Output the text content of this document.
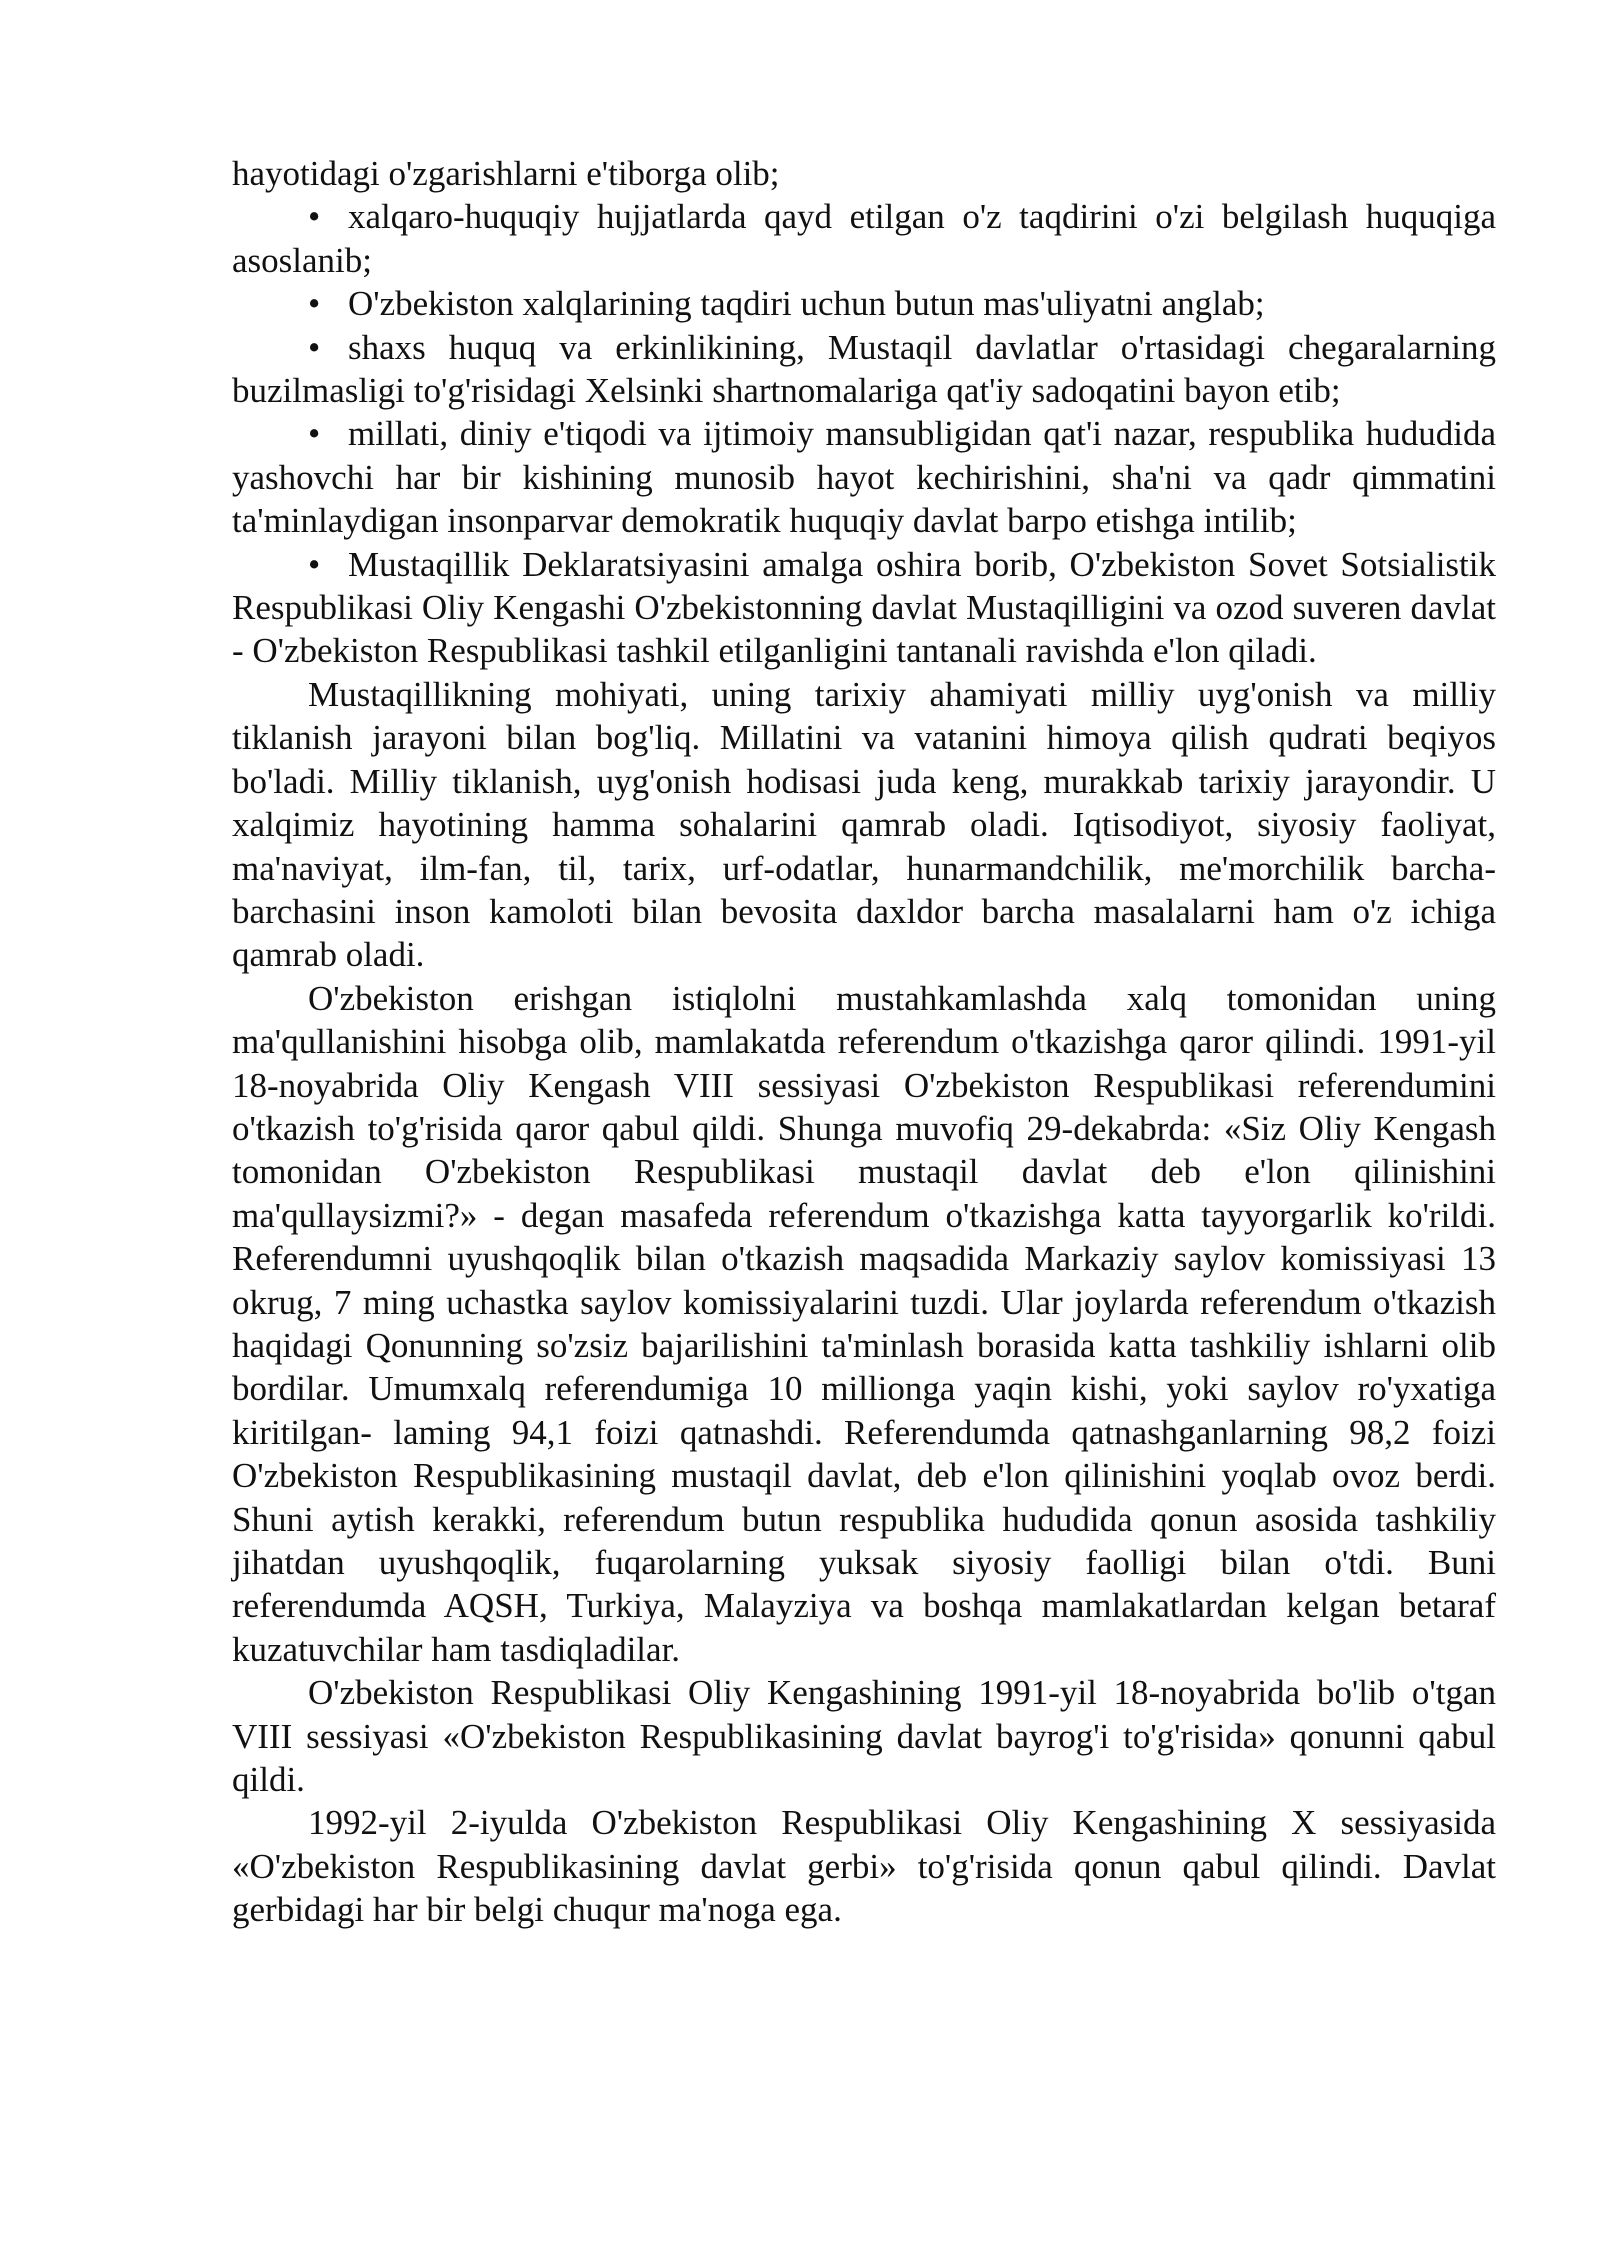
hayotidagi o'zgarishlarni e'tiborga olib;

• xalqaro-huquqiy hujjatlarda qayd etilgan o'z taqdirini o'zi belgilash huquqiga asoslanib;

• O'zbekiston xalqlarining taqdiri uchun butun mas'uliyatni anglab;

• shaxs huquq va erkinlikining, Mustaqil davlatlar o'rtasidagi chegaralarning buzilmasligi to'g'risidagi Xelsinki shartnomalariga qat'iy sadoqatini bayon etib;

• millati, diniy e'tiqodi va ijtimoiy mansubligidan qat'i nazar, respublika hududida yashovchi har bir kishining munosib hayot kechirishini, sha'ni va qadr qimmatini ta'minlaydigan insonparvar demokratik huquqiy davlat barpo etishga intilib;

• Mustaqillik Deklaratsiyasini amalga oshira borib, O'zbekiston Sovet Sotsialistik Respublikasi Oliy Kengashi O'zbekistonning davlat Mustaqilligini va ozod suveren davlat - O'zbekiston Respublikasi tashkil etilganligini tantanali ravishda e'lon qiladi.

Mustaqillikning mohiyati, uning tarixiy ahamiyati milliy uyg'onish va milliy tiklanish jarayoni bilan bog'liq. Millatini va vatanini himoya qilish qudrati beqiyos bo'ladi. Milliy tiklanish, uyg'onish hodisasi juda keng, murakkab tarixiy jarayondir. U xalqimiz hayotining hamma sohalarini qamrab oladi. Iqtisodiyot, siyosiy faoliyat, ma'naviyat, ilm-fan, til, tarix, urf-odatlar, hunarmandchilik, me'morchilik barcha-barchasini inson kamoloti bilan bevosita daxldor barcha masalalarni ham o'z ichiga qamrab oladi.

O'zbekiston erishgan istiqlolni mustahkamlashda xalq tomonidan uning ma'qullanishini hisobga olib, mamlakatda referendum o'tkazishga qaror qilindi. 1991-yil 18-noyabrida Oliy Kengash VIII sessiyasi O'zbekiston Respublikasi referendumini o'tkazish to'g'risida qaror qabul qildi. Shunga muvofiq 29-dekabrda: «Siz Oliy Kengash tomonidan O'zbekiston Respublikasi mustaqil davlat deb e'lon qilinishini ma'qullaysizmi?» - degan masafeda referendum o'tkazishga katta tayyorgarlik ko'rildi. Referendumni uyushqoqlik bilan o'tkazish maqsadida Markaziy saylov komissiyasi 13 okrug, 7 ming uchastka saylov komissiyalarini tuzdi. Ular joylarda referendum o'tkazish haqidagi Qonunning so'zsiz bajarilishini ta'minlash borasida katta tashkiliy ishlarni olib bordilar. Umumxalq referendumiga 10 millionga yaqin kishi, yoki saylov ro'yxatiga kiritilgan- laming 94,1 foizi qatnashdi. Referendumda qatnashganlarning 98,2 foizi O'zbekiston Respublikasining mustaqil davlat, deb e'lon qilinishini yoqlab ovoz berdi. Shuni aytish kerakki, referendum butun respublika hududida qonun asosida tashkiliy jihatdan uyushqoqlik, fuqarolarning yuksak siyosiy faolligi bilan o'tdi. Buni referendumda AQSH, Turkiya, Malayziya va boshqa mamlakatlardan kelgan betaraf kuzatuvchilar ham tasdiqladilar.

O'zbekiston Respublikasi Oliy Kengashining 1991-yil 18-noyabrida bo'lib o'tgan VIII sessiyasi «O'zbekiston Respublikasining davlat bayrog'i to'g'risida» qonunni qabul qildi.

1992-yil 2-iyulda O'zbekiston Respublikasi Oliy Kengashining X sessiyasida «O'zbekiston Respublikasining davlat gerbi» to'g'risida qonun qabul qilindi. Davlat gerbidagi har bir belgi chuqur ma'noga ega.
